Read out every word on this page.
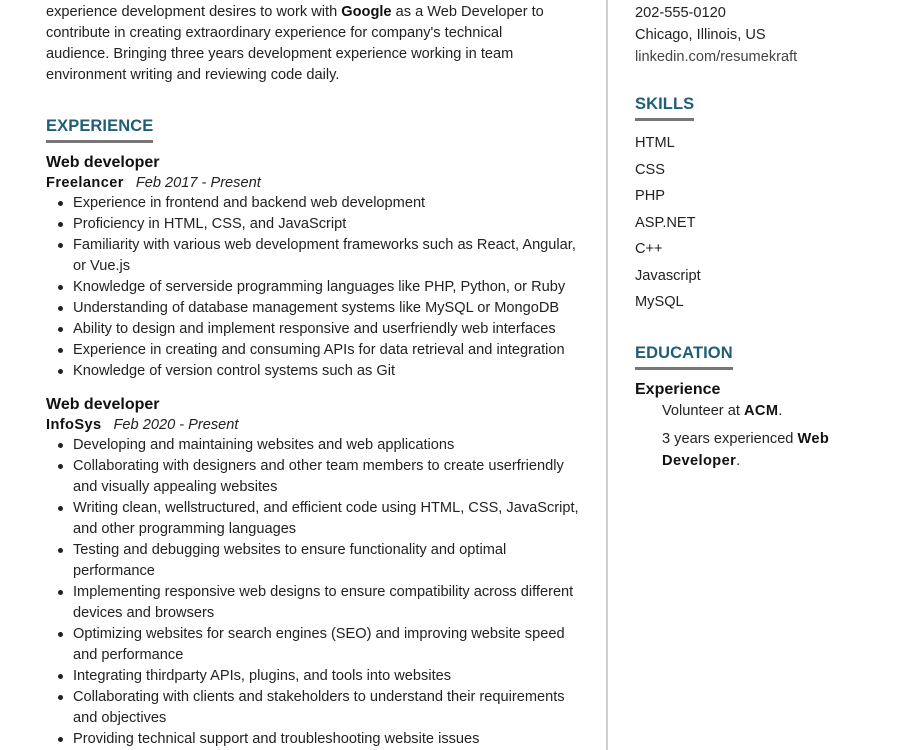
experience development desires to work with Google as a Web Developer to
contribute in creating extraordinary experience for company's technical
audience. Bringing three years development experience working in team
environment writing and reviewing code daily.
EXPERIENCE
Web developer
Freelancer Feb 2017 - Present
Experience in frontend and backend web development
Proficiency in HTML, CSS, and JavaScript
Familiarity with various web development frameworks such as React, Angular, or Vue.js
Knowledge of serverside programming languages like PHP, Python, or Ruby
Understanding of database management systems like MySQL or MongoDB
Ability to design and implement responsive and userfriendly web interfaces
Experience in creating and consuming APIs for data retrieval and integration
Knowledge of version control systems such as Git
Web developer
InfoSys Feb 2020 - Present
Developing and maintaining websites and web applications
Collaborating with designers and other team members to create userfriendly and visually appealing websites
Writing clean, wellstructured, and efficient code using HTML, CSS, JavaScript, and other programming languages
Testing and debugging websites to ensure functionality and optimal performance
Implementing responsive web designs to ensure compatibility across different devices and browsers
Optimizing websites for search engines (SEO) and improving website speed and performance
Integrating thirdparty APIs, plugins, and tools into websites
Collaborating with clients and stakeholders to understand their requirements and objectives
Providing technical support and troubleshooting website issues
202-555-0120
Chicago, Illinois, US
linkedin.com/resumekraft
SKILLS
HTML
CSS
PHP
ASP.NET
C++
Javascript
MySQL
EDUCATION
Experience
Volunteer at ACM.
3 years experienced Web Developer.
